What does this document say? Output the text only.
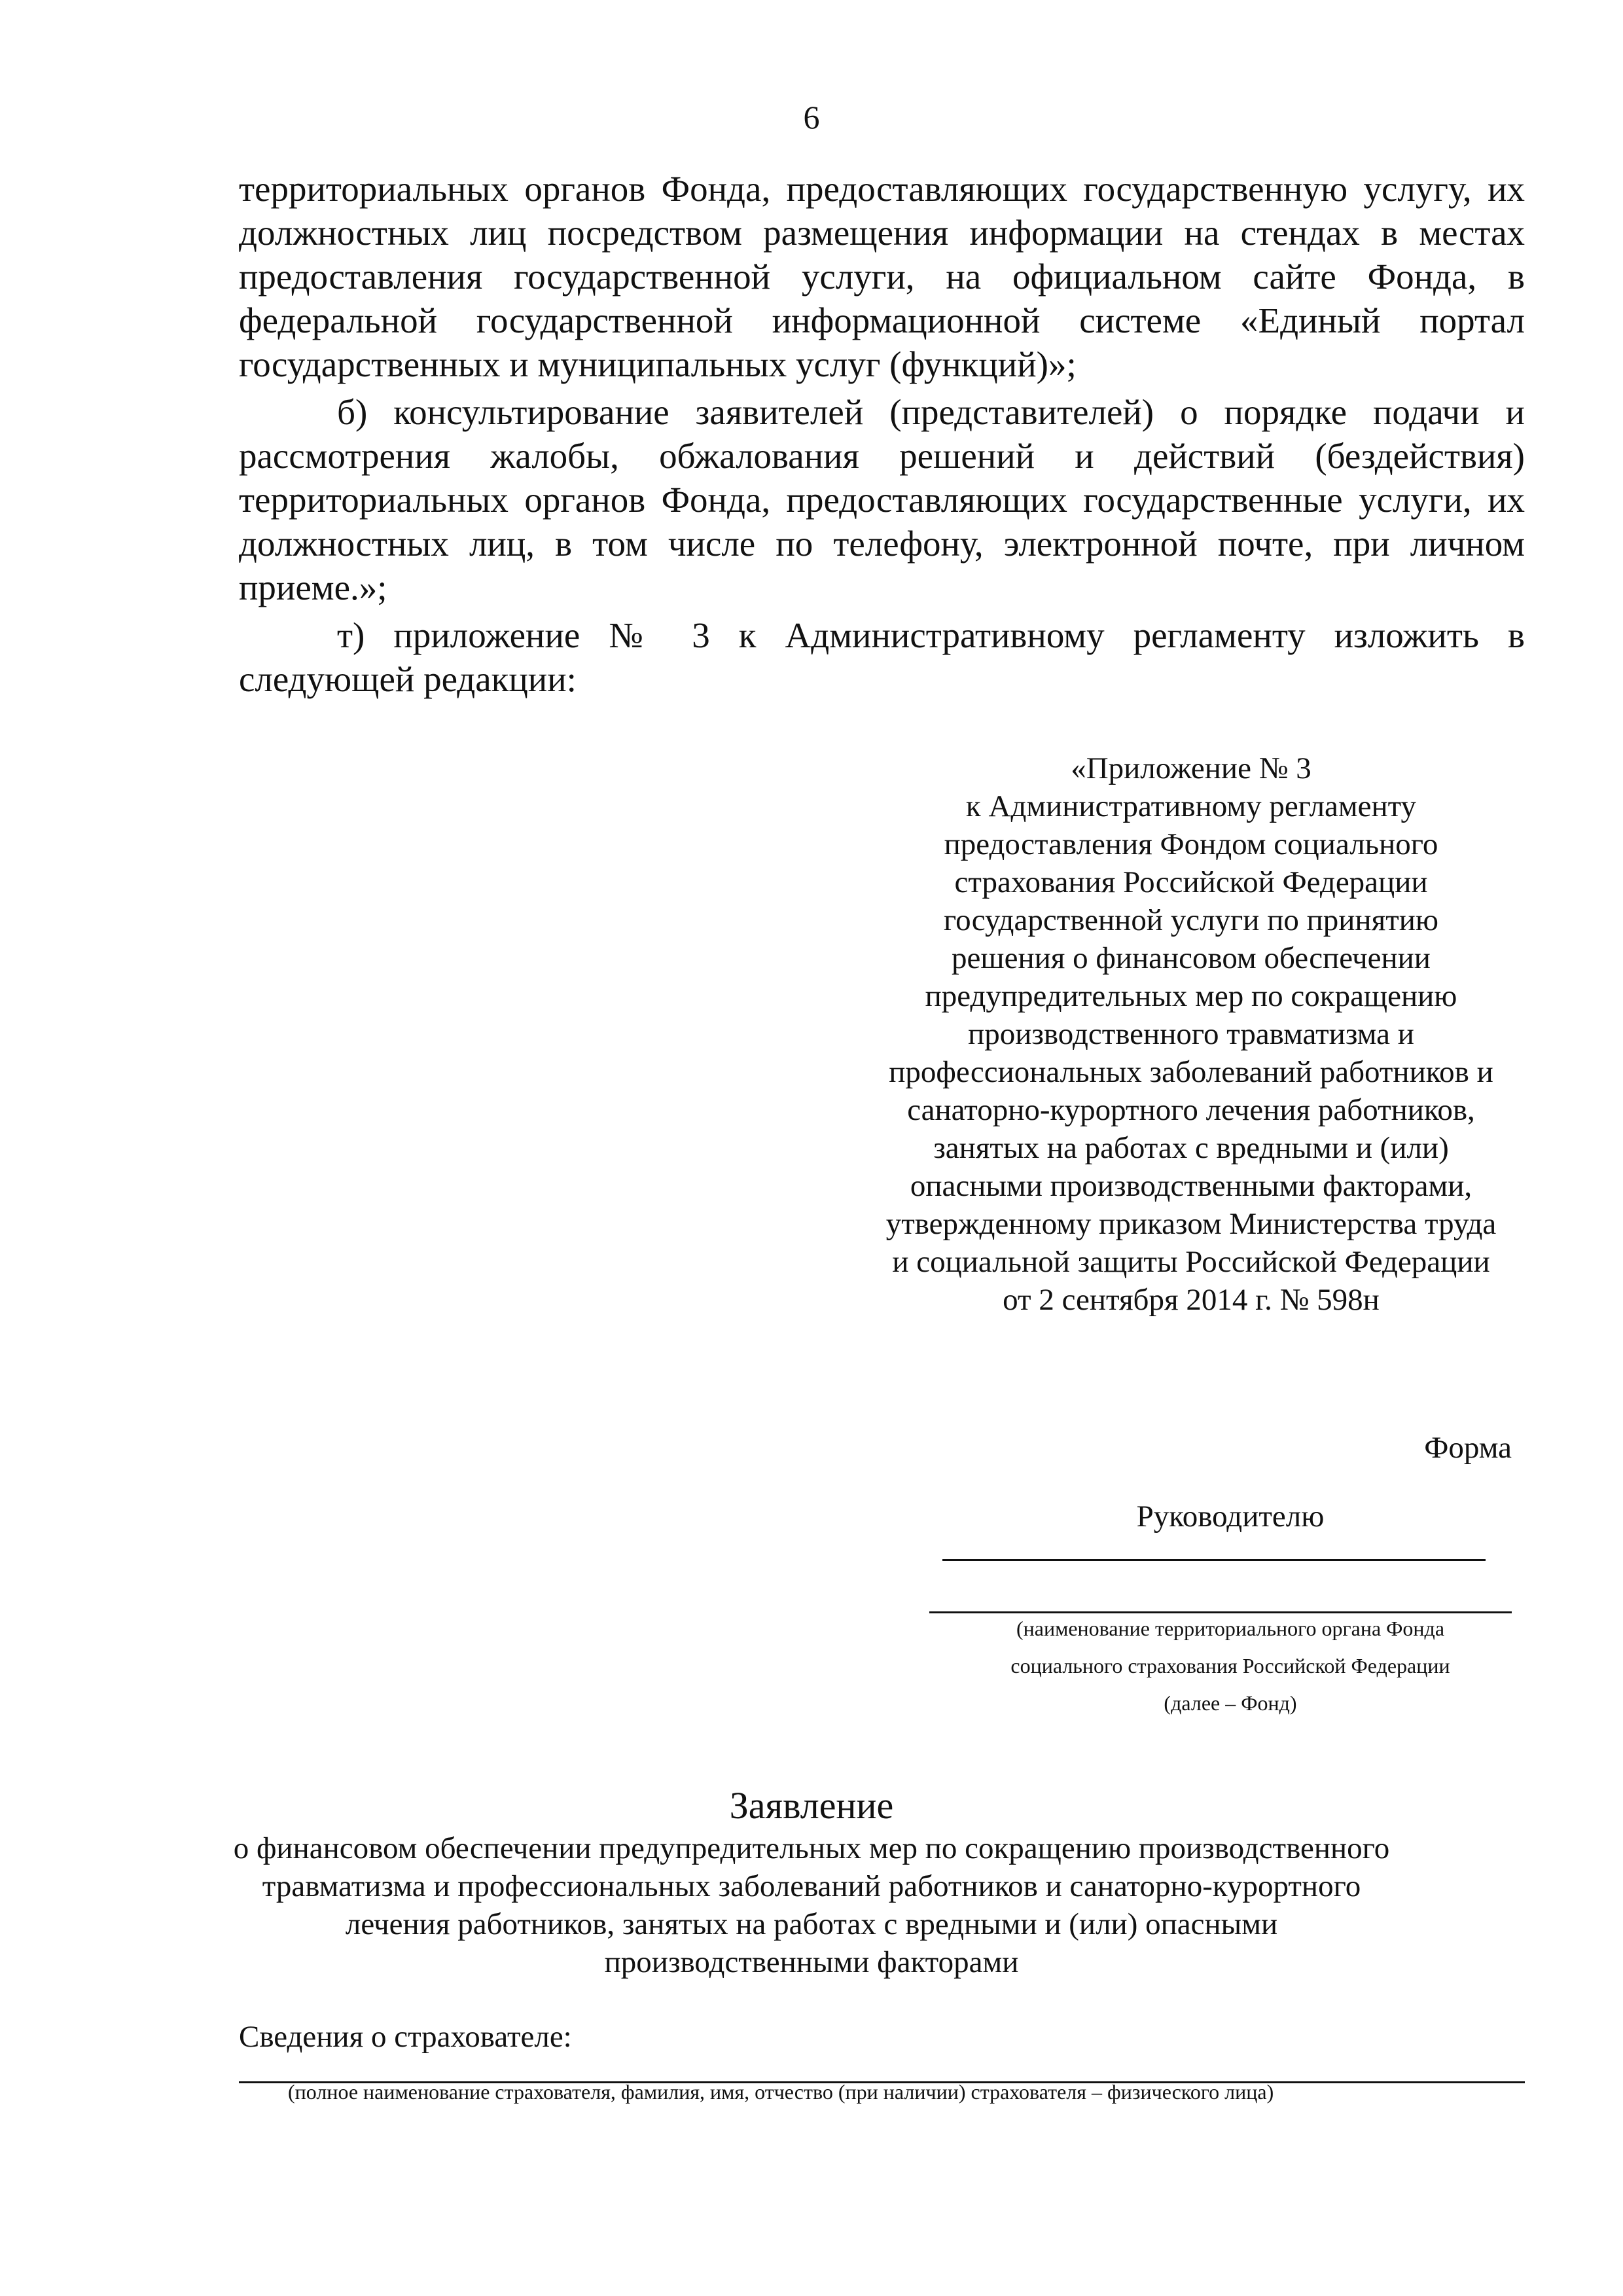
6

территориальных органов Фонда, предоставляющих государственную услугу, их должностных лиц посредством размещения информации на стендах в местах предоставления государственной услуги, на официальном сайте Фонда, в федеральной государственной информационной системе «Единый портал государственных и муниципальных услуг (функций)»;

б) консультирование заявителей (представителей) о порядке подачи и рассмотрения жалобы, обжалования решений и действий (бездействия) территориальных органов Фонда, предоставляющих государственные услуги, их должностных лиц, в том числе по телефону, электронной почте, при личном приеме.»;

т) приложение № 3 к Административному регламенту изложить в следующей редакции:

«Приложение № 3
к Административному регламенту
предоставления Фондом социального
страхования Российской Федерации
государственной услуги по принятию
решения о финансовом обеспечении
предупредительных мер по сокращению
производственного травматизма и
профессиональных заболеваний работников и
санаторно-курортного лечения работников,
занятых на работах с вредными и (или)
опасными производственными факторами,
утвержденному приказом Министерства труда
и социальной защиты Российской Федерации
от 2 сентября 2014 г. № 598н
Форма
Руководителю
(наименование территориального органа Фонда
социального страхования Российской Федерации
(далее – Фонд)
Заявление
о финансовом обеспечении предупредительных мер по сокращению производственного
травматизма и профессиональных заболеваний работников и санаторно-курортного
лечения работников, занятых на работах с вредными и (или) опасными
производственными факторами
Сведения о страхователе:
(полное наименование страхователя, фамилия, имя, отчество (при наличии) страхователя – физического лица)
